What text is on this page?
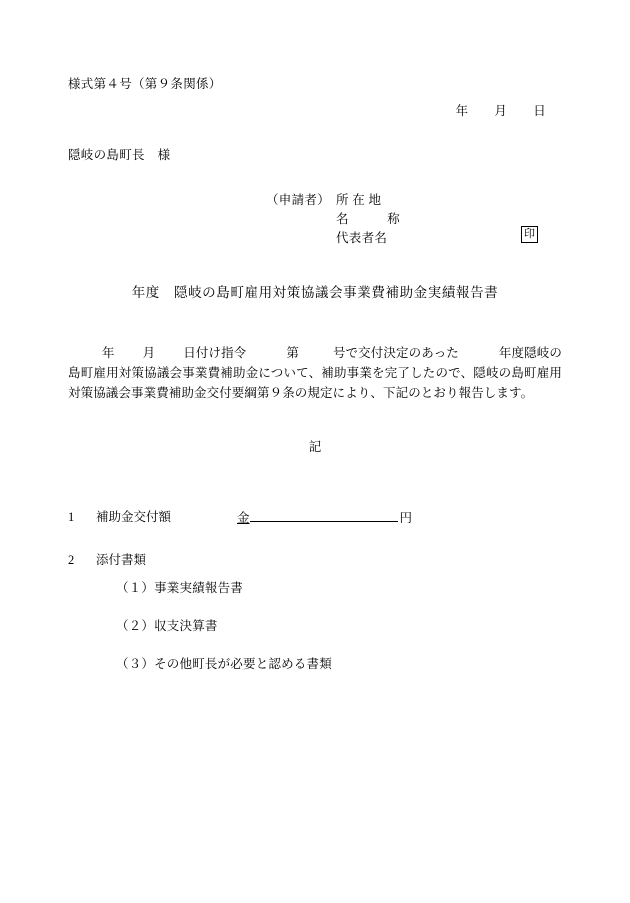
様式第４号（第９条関係）
年 月 日
隠岐の島町長　様
（申請者） 所 在 地
名　　　称
代表者名	印
年度　隠岐の島町雇用対策協議会事業費補助金実績報告書
年 月 日付け指令	第	号で交付決定のあった	年度隠岐の島町雇用対策協議会事業費補助金について、補助事業を完了したので、隠岐の島町雇用対策協議会事業費補助金交付要綱第９条の規定により、下記のとおり報告します。
記
1	補助金交付額	金	円
2	添付書類
（１）事業実績報告書
（２）収支決算書
（３）その他町長が必要と認める書類
